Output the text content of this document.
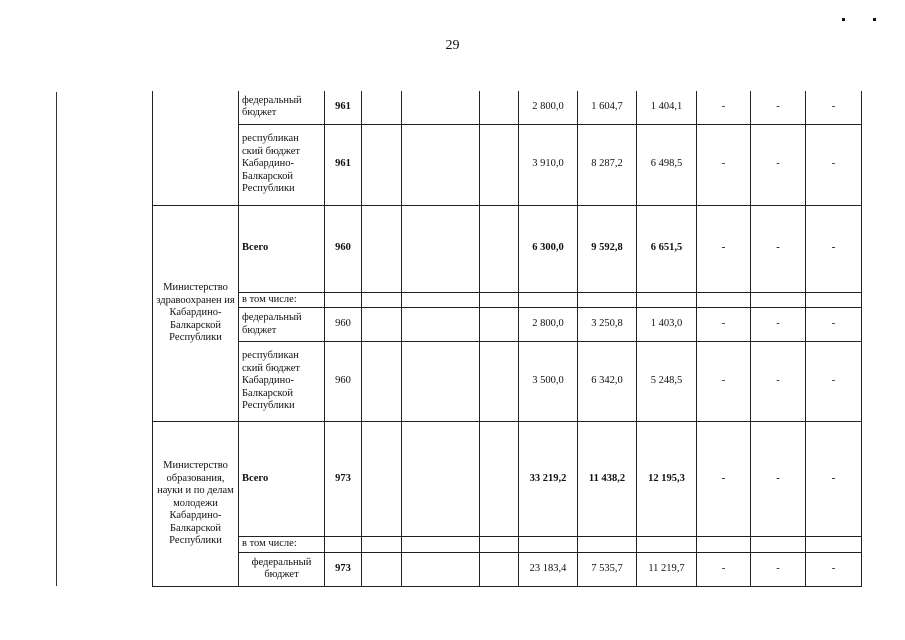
29
	федеральный бюджет	961				2 800,0	1 604,7	1 404,1	-	-	-
	республикан ский бюджет Кабардино-Балкарской Республики	961				3 910,0	8 287,2	6 498,5	-	-	-
Министерство здравоохранен ия Кабардино-Балкарской Республики	Всего	960				6 300,0	9 592,8	6 651,5	-	-	-
	в том числе:										
	федеральный бюджет	960				2 800,0	3 250,8	1 403,0	-	-	-
	республикан ский бюджет Кабардино-Балкарской Республики	960				3 500,0	6 342,0	5 248,5	-	-	-
Министерство образования, науки и по делам молодежи Кабардино-Балкарской Республики	Всего	973				33 219,2	11 438,2	12 195,3	-	-	-
	в том числе:										
	федеральный бюджет	973				23 183,4	7 535,7	11 219,7	-	-	-
